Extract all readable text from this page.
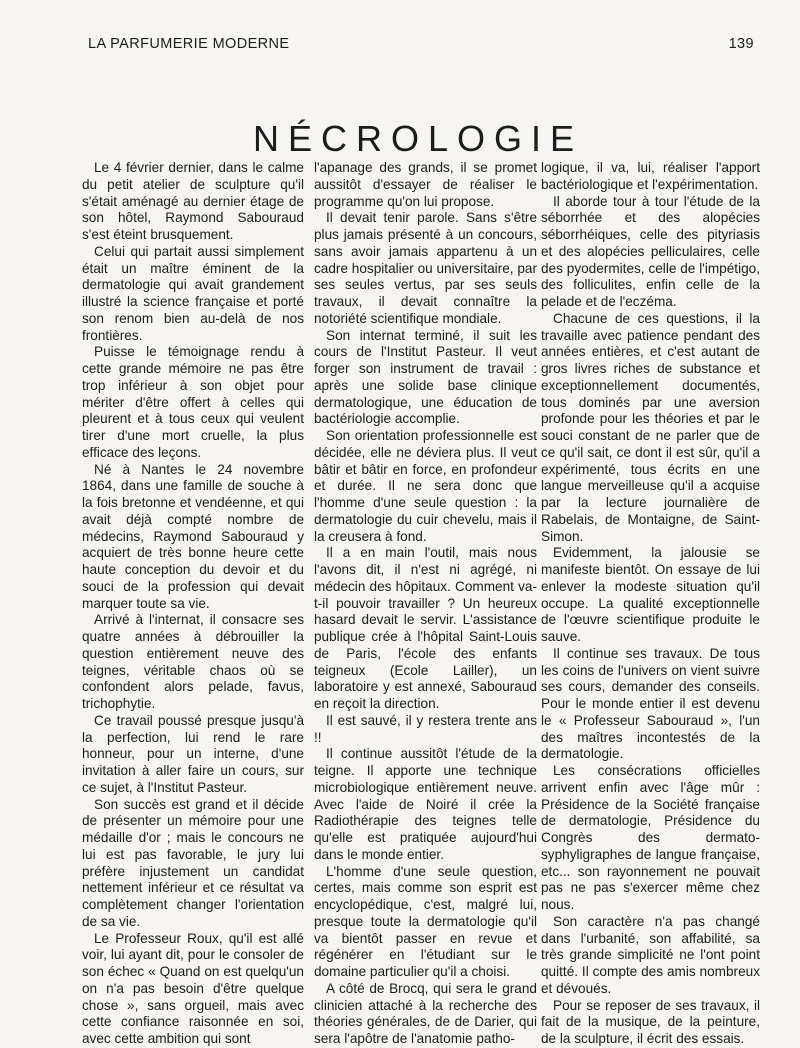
LA PARFUMERIE MODERNE	139
NÉCROLOGIE

Le 4 février dernier, dans le calme du petit atelier de sculpture qu'il s'était aménagé au dernier étage de son hôtel, Raymond Sabouraud s'est éteint brusquement.

Celui qui partait aussi simplement était un maître éminent de la dermatologie qui avait grandement illustré la science française et porté son renom bien au-delà de nos frontières.

Puisse le témoignage rendu à cette grande mémoire ne pas être trop inférieur à son objet pour mériter d'être offert à celles qui pleurent et à tous ceux qui veulent tirer d'une mort cruelle, la plus efficace des leçons.

Né à Nantes le 24 novembre 1864, dans une famille de souche à la fois bretonne et vendéenne, et qui avait déjà compté nombre de médecins, Raymond Sabouraud y acquiert de très bonne heure cette haute conception du devoir et du souci de la profession qui devait marquer toute sa vie.

Arrivé à l'internat, il consacre ses quatre années à débrouiller la question entièrement neuve des teignes, véritable chaos où se confondent alors pelade, favus, trichophytie.

Ce travail poussé presque jusqu'à la perfection, lui rend le rare honneur, pour un interne, d'une invitation à aller faire un cours, sur ce sujet, à l'Institut Pasteur.

Son succès est grand et il décide de présenter un mémoire pour une médaille d'or ; mais le concours ne lui est pas favorable, le jury lui préfère injustement un candidat nettement inférieur et ce résultat va complètement changer l'orientation de sa vie.

Le Professeur Roux, qu'il est allé voir, lui ayant dit, pour le consoler de son échec « Quand on est quelqu'un on n'a pas besoin d'être quelque chose », sans orgueil, mais avec cette confiance raisonnée en soi, avec cette ambition qui sont

l'apanage des grands, il se promet aussitôt d'essayer de réaliser le programme qu'on lui propose.

Il devait tenir parole. Sans s'être plus jamais présenté à un concours, sans avoir jamais appartenu à un cadre hospitalier ou universitaire, par ses seules vertus, par ses seuls travaux, il devait connaître la notoriété scientifique mondiale.

Son internat terminé, il suit les cours de l'Institut Pasteur. Il veut forger son instrument de travail : après une solide base clinique dermatologique, une éducation de bactériologie accomplie.

Son orientation professionnelle est décidée, elle ne déviera plus. Il veut bâtir et bâtir en force, en profondeur et durée. Il ne sera donc que l'homme d'une seule question : la dermatologie du cuir chevelu, mais il la creusera à fond.

Il a en main l'outil, mais nous l'avons dit, il n'est ni agrégé, ni médecin des hôpitaux. Comment va-t-il pouvoir travailler ? Un heureux hasard devait le servir. L'assistance publique crée à l'hôpital Saint-Louis de Paris, l'école des enfants teigneux (Ecole Lailler), un laboratoire y est annexé, Sabouraud en reçoit la direction.

Il est sauvé, il y restera trente ans !!

Il continue aussitôt l'étude de la teigne. Il apporte une technique microbiologique entièrement neuve. Avec l'aide de Noiré il crée la Radiothérapie des teignes telle qu'elle est pratiquée aujourd'hui dans le monde entier.

L'homme d'une seule question, certes, mais comme son esprit est encyclopédique, c'est, malgré lui, presque toute la dermatologie qu'il va bientôt passer en revue et régénérer en l'étudiant sur le domaine particulier qu'il a choisi.

A côté de Brocq, qui sera le grand clinicien attaché à la recherche des théories générales, de de Darier, qui sera l'apôtre de l'anatomie patho-

logique, il va, lui, réaliser l'apport bactériologique et l'expérimentation.

Il aborde tour à tour l'étude de la séborrhée et des alopécies séborrhéiques, celle des pityriasis et des alopécies pelliculaires, celle des pyodermites, celle de l'impétigo, des folliculites, enfin celle de la pelade et de l'eczéma.

Chacune de ces questions, il la travaille avec patience pendant des années entières, et c'est autant de gros livres riches de substance et exceptionnellement documentés, tous dominés par une aversion profonde pour les théories et par le souci constant de ne parler que de ce qu'il sait, ce dont il est sûr, qu'il a expérimenté, tous écrits en une langue merveilleuse qu'il a acquise par la lecture journalière de Rabelais, de Montaigne, de Saint-Simon.

Evidemment, la jalousie se manifeste bientôt. On essaye de lui enlever la modeste situation qu'il occupe. La qualité exceptionnelle de l'œuvre scientifique produite le sauve.

Il continue ses travaux. De tous les coins de l'univers on vient suivre ses cours, demander des conseils. Pour le monde entier il est devenu le « Professeur Sabouraud », l'un des maîtres incontestés de la dermatologie.

Les consécrations officielles arrivent enfin avec l'âge mûr : Présidence de la Société française de dermatologie, Présidence du Congrès des dermato-syphyligraphes de langue française, etc... son rayonnement ne pouvait pas ne pas s'exercer même chez nous.

Son caractère n'a pas changé dans l'urbanité, son affabilité, sa très grande simplicité ne l'ont point quitté. Il compte des amis nombreux et dévoués.

Pour se reposer de ses travaux, il fait de la musique, de la peinture, de la sculpture, il écrit des essais.
